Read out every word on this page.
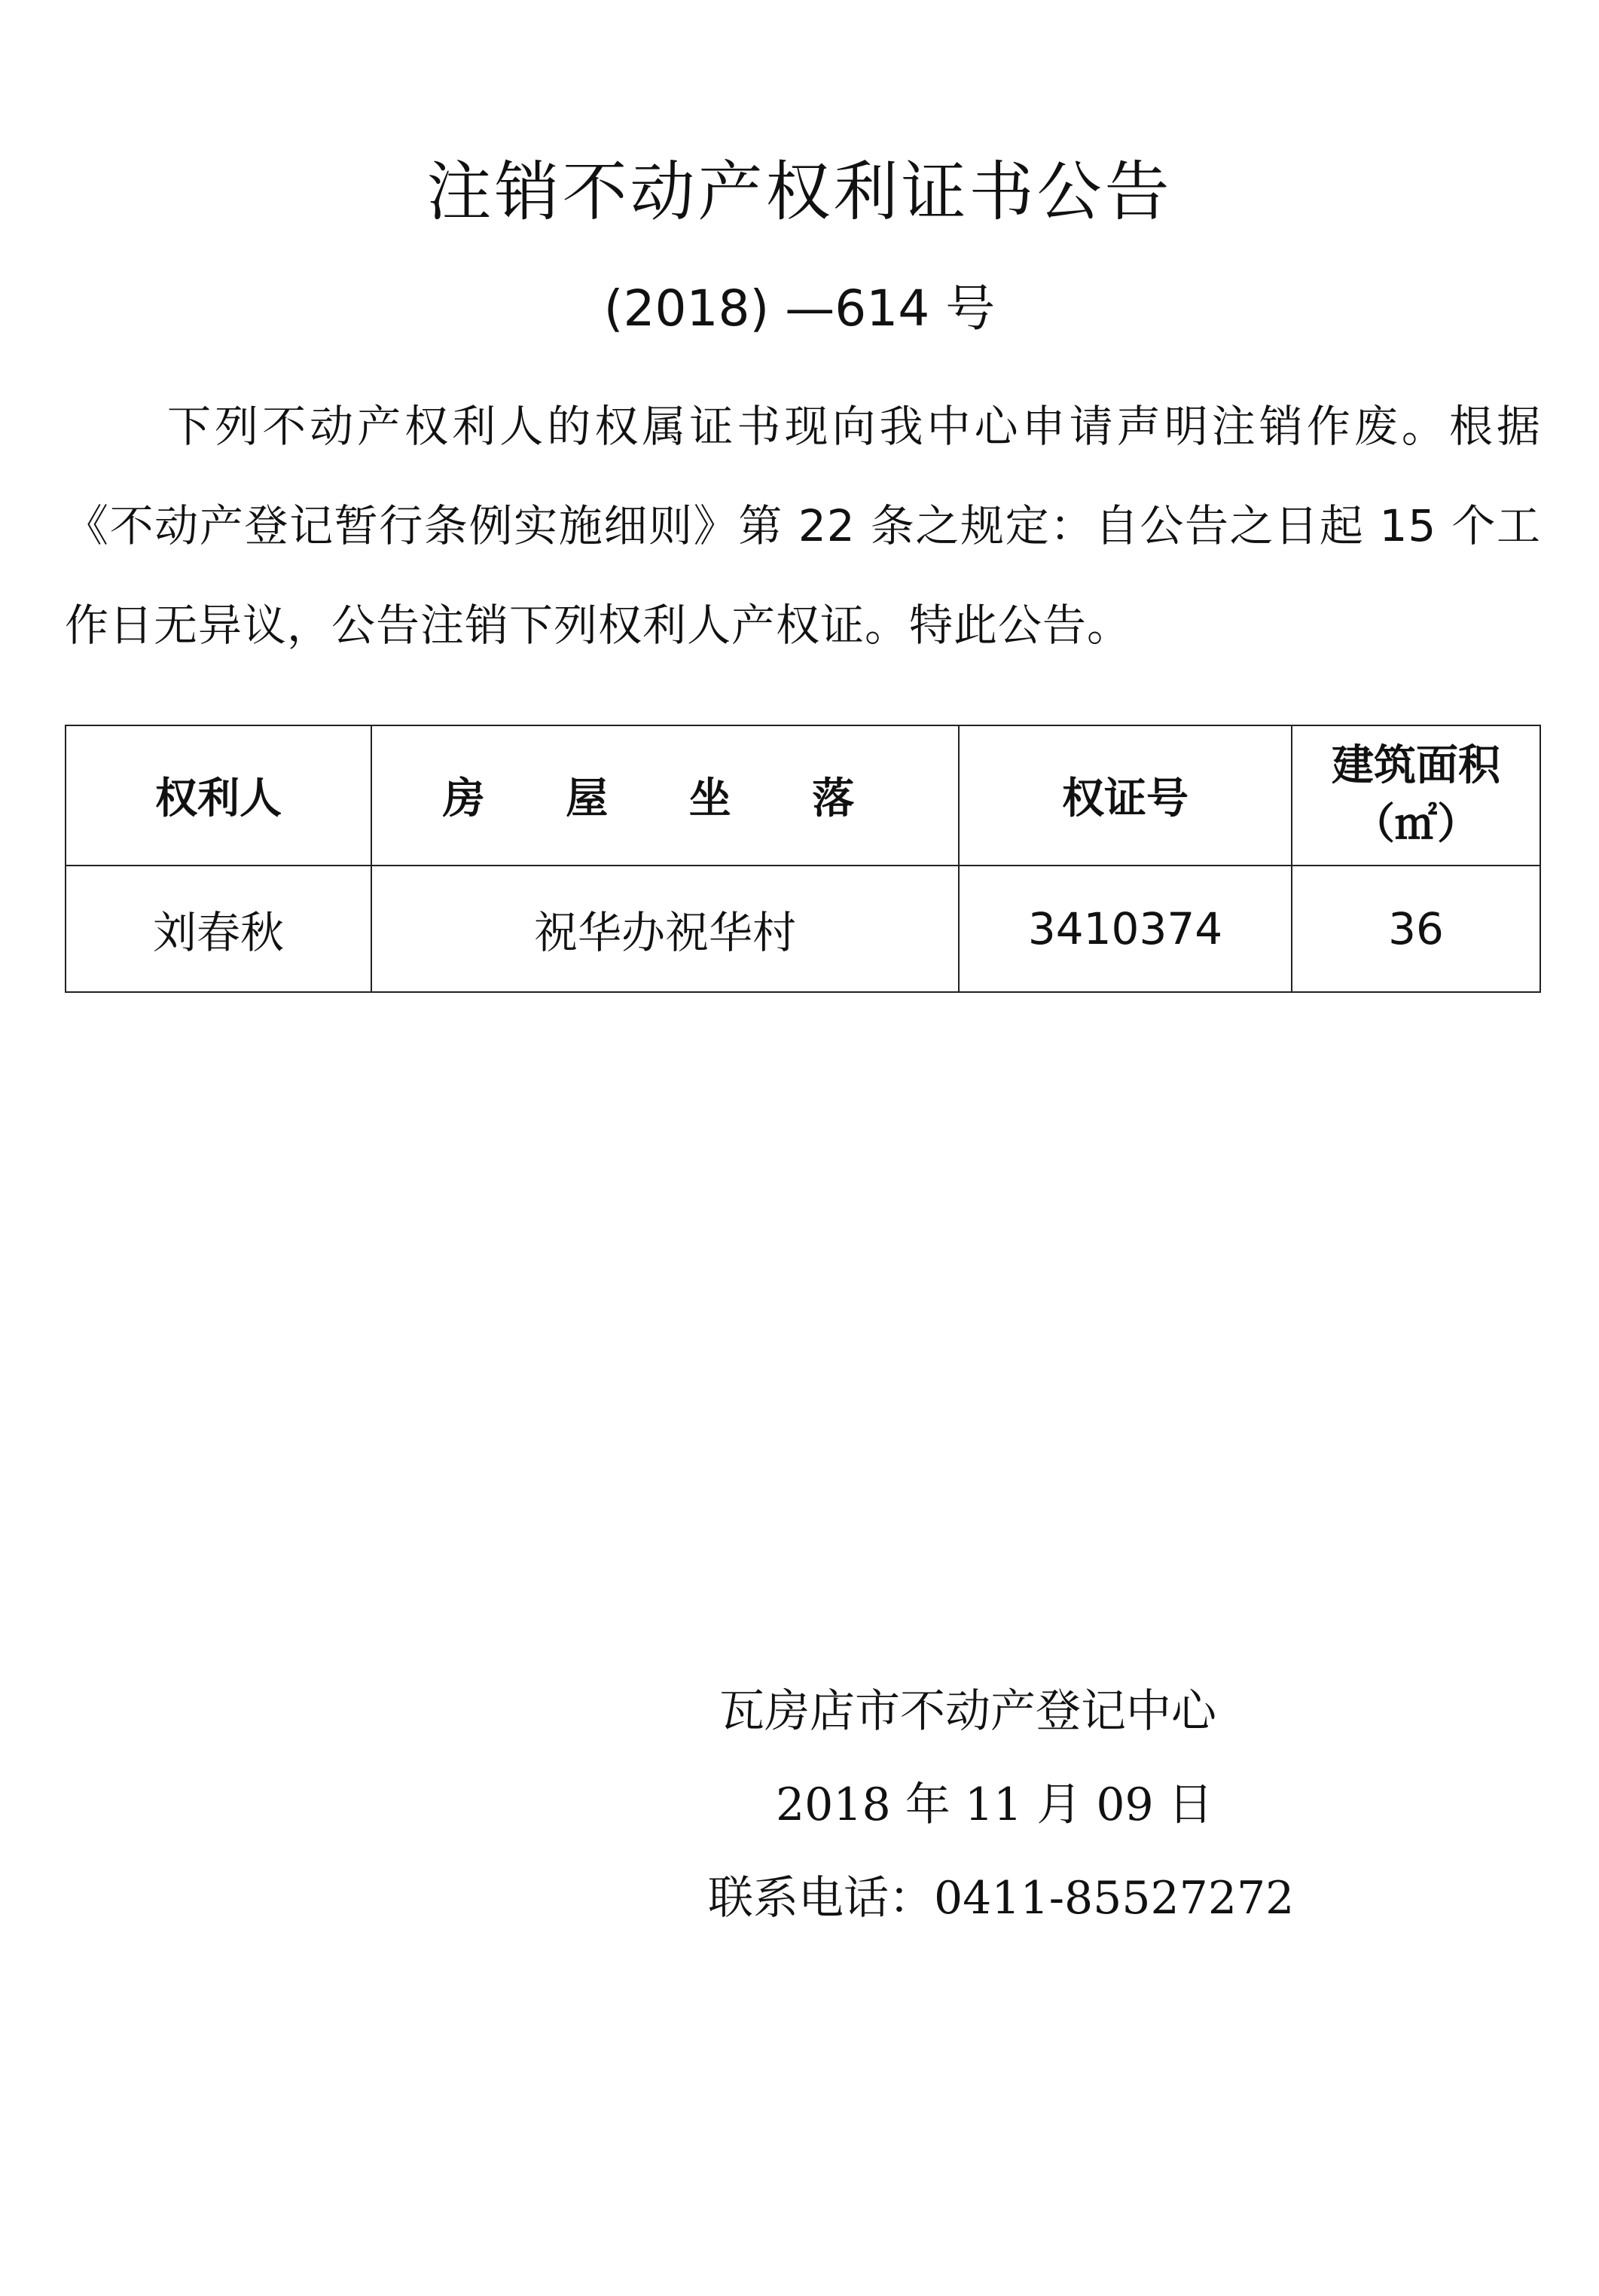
注销不动产权利证书公告
(2018) —614 号
下列不动产权利人的权属证书现向我中心申请声明注销作废。根据《不动产登记暂行条例实施细则》第 22 条之规定：自公告之日起 15 个工作日无异议，公告注销下列权利人产权证。特此公告。
权利人	房 屋 坐 落	权证号	建筑面积
（㎡）

刘春秋	祝华办祝华村	3410374	36
瓦房店市不动产登记中心
2018 年 11 月 09 日
联系电话：0411-85527272
